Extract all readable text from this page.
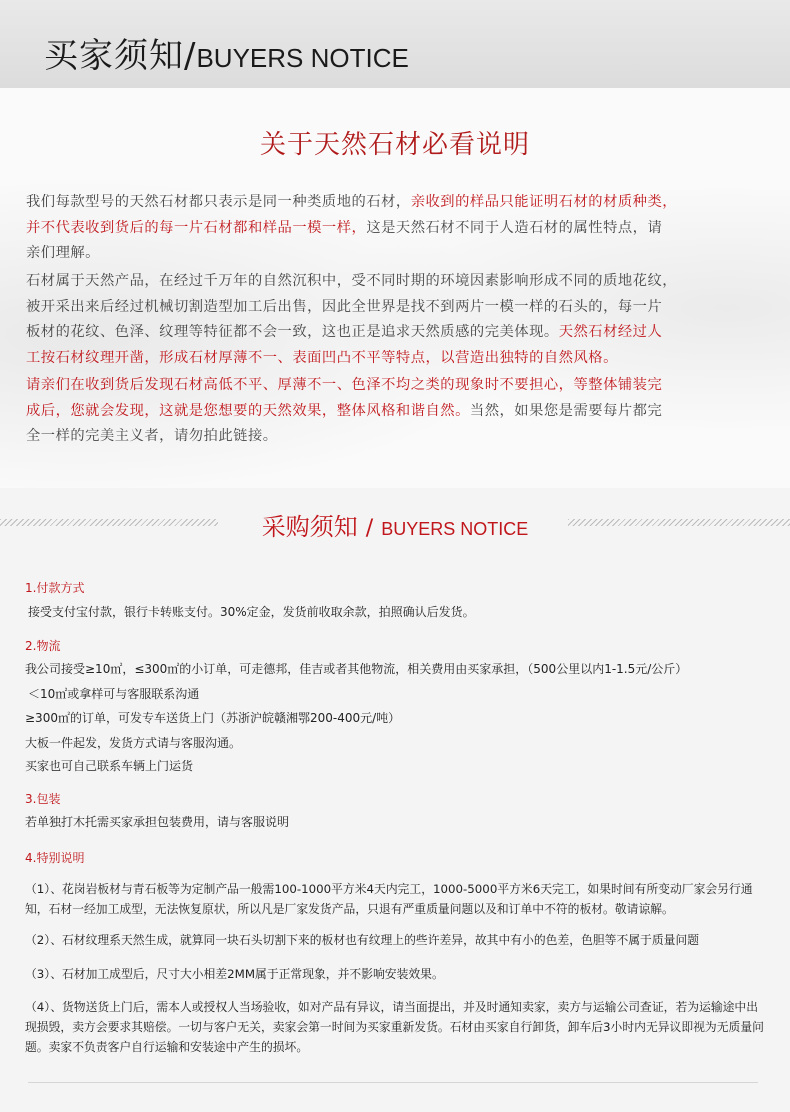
买家须知/BUYERS NOTICE
关于天然石材必看说明
我们每款型号的天然石材都只表示是同一种类质地的石材，亲收到的样品只能证明石材的材质种类，
并不代表收到货后的每一片石材都和样品一模一样，这是天然石材不同于人造石材的属性特点，请
亲们理解。
石材属于天然产品，在经过千万年的自然沉积中，受不同时期的环境因素影响形成不同的质地花纹，
被开采出来后经过机械切割造型加工后出售，因此全世界是找不到两片一模一样的石头的，每一片
板材的花纹、色泽、纹理等特征都不会一致，这也正是追求天然质感的完美体现。天然石材经过人
工按石材纹理开凿，形成石材厚薄不一、表面凹凸不平等特点，以营造出独特的自然风格。
请亲们在收到货后发现石材高低不平、厚薄不一、色泽不均之类的现象时不要担心，等整体铺装完
成后，您就会发现，这就是您想要的天然效果，整体风格和谐自然。当然，如果您是需要每片都完
全一样的完美主义者，请勿拍此链接。
采购须知 / BUYERS NOTICE
1.付款方式
接受支付宝付款，银行卡转账支付。30%定金，发货前收取余款，拍照确认后发货。
2.物流
我公司接受≥10㎡，≤300㎡的小订单，可走德邦，佳吉或者其他物流，相关费用由买家承担，（500公里以内1-1.5元/公斤）
＜10㎡或拿样可与客服联系沟通
≥300㎡的订单，可发专车送货上门（苏浙沪皖赣湘鄂200-400元/吨）
大板一件起发，发货方式请与客服沟通。
买家也可自己联系车辆上门运货
3.包装
若单独打木托需买家承担包装费用，请与客服说明
4.特别说明
（1）、花岗岩板材与青石板等为定制产品一般需100-1000平方米4天内完工，1000-5000平方米6天完工，如果时间有所变动厂家会另行通知，石材一经加工成型，无法恢复原状，所以凡是厂家发货产品，只退有严重质量问题以及和订单中不符的板材。敬请谅解。
（2）、石材纹理系天然生成，就算同一块石头切割下来的板材也有纹理上的些许差异，故其中有小的色差，色胆等不属于质量问题
（3）、石材加工成型后，尺寸大小相差2MM属于正常现象，并不影响安装效果。
（4）、货物送货上门后，需本人或授权人当场验收，如对产品有异议，请当面提出，并及时通知卖家，卖方与运输公司查证，若为运输途中出现损毁，卖方会要求其赔偿。一切与客户无关，卖家会第一时间为买家重新发货。石材由买家自行卸货，卸车后3小时内无异议即视为无质量问题。卖家不负责客户自行运输和安装途中产生的损坏。
